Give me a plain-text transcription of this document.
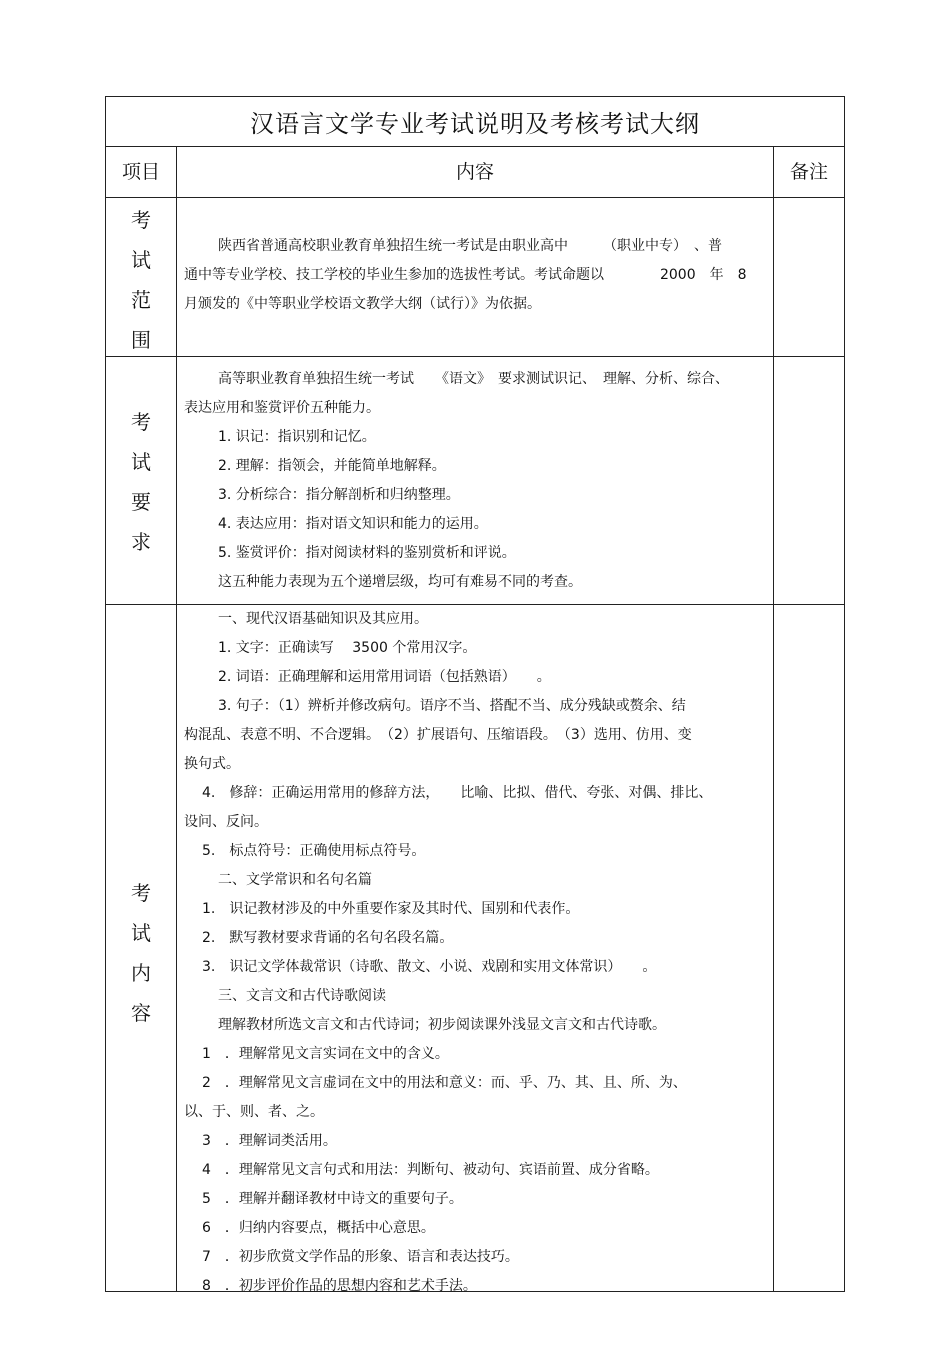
汉语言文学专业考试说明及考核考试大纲
项目	内容	备注
考
试
范
围
陕西省普通高校职业教育单独招生统一考试是由职业高中　　　（职业中专）　、普
通中等专业学校、技工学校的毕业生参加的选拔性考试。考试命题以　　　　2000　年　8
月颁发的《中等职业学校语文教学大纲（试行）》为依据。
考
试
要
求
高等职业教育单独招生统一考试　　《语文》　要求测试识记、　理解、分析、综合、
表达应用和鉴赏评价五种能力。
1. 识记：指识别和记忆。
2. 理解：指领会，并能简单地解释。
3. 分析综合：指分解剖析和归纳整理。
4. 表达应用：指对语文知识和能力的运用。
5. 鉴赏评价：指对阅读材料的鉴别赏析和评说。
这五种能力表现为五个递增层级，均可有难易不同的考查。
考
试
内
容
一、现代汉语基础知识及其应用。
1. 文字：正确读写　 3500 个常用汉字。
2. 词语：正确理解和运用常用词语（包括熟语）　　。
3. 句子：（1）辨析并修改病句。语序不当、搭配不当、成分残缺或赘余、结
构混乱、表意不明、不合逻辑。　（2）扩展语句、压缩语段。　（3）选用、仿用、变
换句式。
4.　修辞：正确运用常用的修辞方法，　　比喻、比拟、借代、夸张、对偶、排比、
设问、反问。
5.　标点符号：正确使用标点符号。
二、文学常识和名句名篇
1.　识记教材涉及的中外重要作家及其时代、国别和代表作。
2.　默写教材要求背诵的名句名段名篇。
3.　识记文学体裁常识（诗歌、散文、小说、戏剧和实用文体常识）　　。
三、文言文和古代诗歌阅读
理解教材所选文言文和古代诗词；初步阅读课外浅显文言文和古代诗歌。
1　．理解常见文言实词在文中的含义。
2　．理解常见文言虚词在文中的用法和意义：而、乎、乃、其、且、所、为、
以、于、则、者、之。
3　．理解词类活用。
4　．理解常见文言句式和用法：判断句、被动句、宾语前置、成分省略。
5　．理解并翻译教材中诗文的重要句子。
6　．归纳内容要点，概括中心意思。
7　．初步欣赏文学作品的形象、语言和表达技巧。
8　．初步评价作品的思想内容和艺术手法。
